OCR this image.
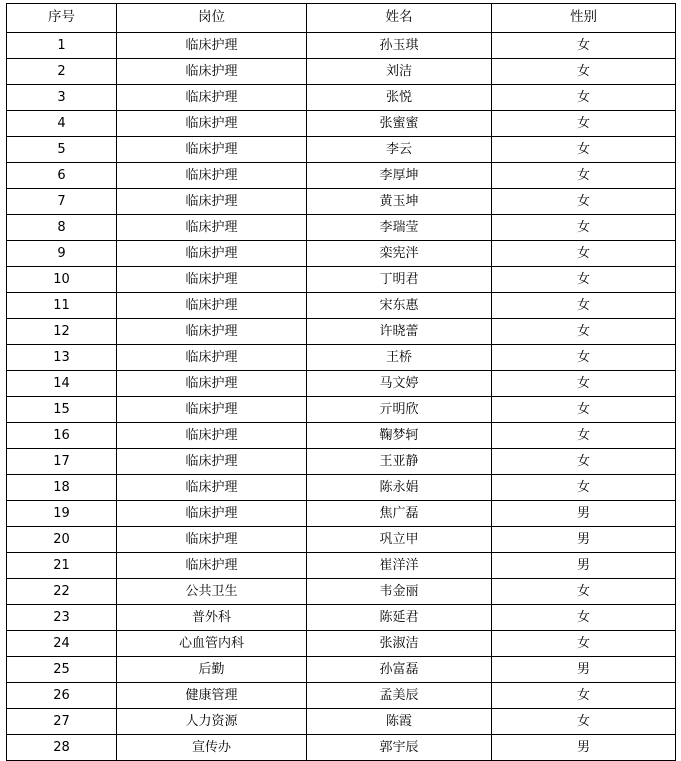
序号	岗位	姓名	性别
1	临床护理	孙玉琪	女
2	临床护理	刘洁	女
3	临床护理	张悦	女
4	临床护理	张蜜蜜	女
5	临床护理	李云	女
6	临床护理	李厚坤	女
7	临床护理	黄玉坤	女
8	临床护理	李瑞莹	女
9	临床护理	栾宪泮	女
10	临床护理	丁明君	女
11	临床护理	宋东惠	女
12	临床护理	许晓蕾	女
13	临床护理	王桥	女
14	临床护理	马文婷	女
15	临床护理	亓明欣	女
16	临床护理	鞠梦轲	女
17	临床护理	王亚静	女
18	临床护理	陈永娟	女
19	临床护理	焦广磊	男
20	临床护理	巩立甲	男
21	临床护理	崔洋洋	男
22	公共卫生	韦金丽	女
23	普外科	陈延君	女
24	心血管内科	张淑洁	女
25	后勤	孙富磊	男
26	健康管理	孟美辰	女
27	人力资源	陈霞	女
28	宣传办	郭宇辰	男
